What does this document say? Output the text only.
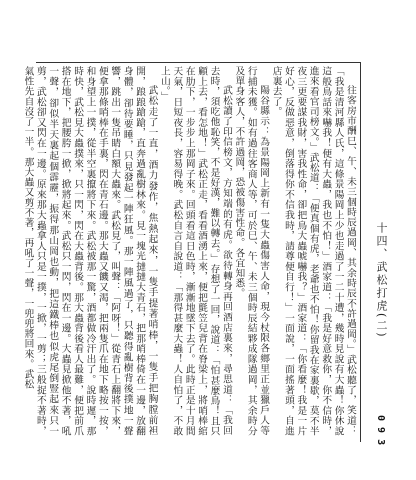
往客房市酬巳、午、未三個時辰過岡、其余時辰不許過岡。」武松聽了，笑道：「我是清河縣人氏，這條景陽岡上少也走過了一二十遭，幾時見說有大蟲！你休說這般鳥話來嚇我！便有大蟲，我也不怕！」酒家道：「我是好意救你，你不信時，進來看官司榜文。」武松道：「便真個有虎，老爺也不怕！你留我在家裏歇，莫不半夜三更要謀我財，害我性命，卻把鳥大蟲唬嚇我？」酒家道：「你看麼！我是一片好心，反做惡意，倒落得你不信我時，請尊便自行！」一面說，一面搖著頭，自進店裏去了。

陽谷縣示：為景陽岡上新有一隻大蟲傷害人命，現今杖限各鄉里正並獵戶人等行捕未獲。如有過往客商人等，可於巳、午、未三個時辰結夥成隊過岡，其余時分及單身客人，不許過岡，恐被傷害性命。各宜知悉。

武松讀了印信榜文，方知端的有虎。欲待轉身再回酒店裏來，尋思道：「我回去時，須吃他恥笑，不是好漢，難以轉去。」存想了一回，說道：「怕甚麼鳥！且只顧上去，看怎地！」武松正走，看看酒湧上來，便把氈笠兒背在脊梁上，將哨棒綰在肋下，一步步上那岡子來。回頭看這日色時，漸漸地墜下去了。此時正是十月間天氣，日短夜長，容易得晚。武松自言自說道：「那得甚麼大蟲！人自怕了，不敢上山。」

武松走了一直，酒力發作，焦熱起來，一隻手提著哨棒，一隻手把胸膛前袒開，踉踉蹌蹌，直奔過亂樹林來。見一塊光撻撻大青石，把那哨棒倚在一邊，放翻身體，卻待要睡，只見發起一陣狂風。那一陣風過了，只聽得亂樹背後撲地一聲響，跳出一隻吊睛白額大蟲來。武松見了，叫聲：「阿呀！」從青石上翻將下來，便拿那條哨棒在手裏，閃在青石邊。那大蟲又饑又渴，把兩隻爪在地下略按一按，和身望上一撲，從半空裏攛將下來。武松被那一驚，酒都做冷汗出了。說時遲，那時快，武松見大蟲撲來，只一閃，閃在大蟲背後。那大蟲背後看人最難，便把前爪搭在地下，把腰胯一掀，掀將起來。武松只一閃，閃在一邊。大蟲見掀他不著，吼一聲，卻似半天裏起個霹靂，振得那山岡也動，把這鐵棒也似虎尾倒豎起來只一剪，武松卻又閃在一邊。原來那大蟲拿人只是一撲，一掀，一剪；三般捉不著時，氣性先自沒了一半。那大蟲又剪不著，再吼了一聲，一兜兜將回來。武松	十四、武松打虎(二)
0 9 3
